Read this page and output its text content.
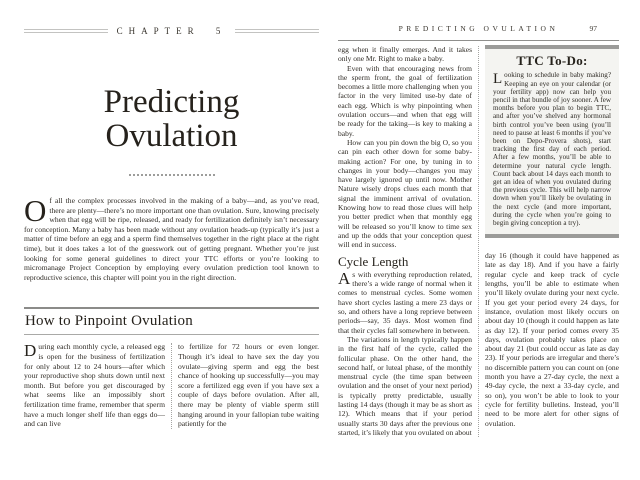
CHAPTER 5
Predicting
Ovulation

Of all the complex processes involved in the making of a baby—and, as you’ve read, there are plenty—there’s no more important one than ovulation. Sure, knowing precisely when that egg will be ripe, released, and ready for fertilization definitely isn’t necessary for conception. Many a baby has been made without any ovulation heads-up (typically it’s just a matter of time before an egg and a sperm find themselves together in the right place at the right time), but it does takes a lot of the guesswork out of getting pregnant. Whether you’re just looking for some general guidelines to direct your TTC efforts or you’re looking to micromanage Project Conception by employing every ovulation prediction tool known to reproductive science, this chapter will point you in the right direction.

How to Pinpoint Ovulation

During each monthly cycle, a released egg is open for the business of fertilization for only about 12 to 24 hours—after which your reproductive shop shuts down until next month. But before you get discouraged by what seems like an impossibly short fertilization time frame, remember that sperm have a much longer shelf life than eggs do—and can live

to fertilize for 72 hours or even longer. Though it’s ideal to have sex the day you ovulate—giving sperm and egg the best chance of hooking up successfully—you may score a fertilized egg even if you have sex a couple of days before ovulation. After all, there may be plenty of viable sperm still hanging around in your fallopian tube waiting patiently for the

PREDICTING OVULATION	97

egg when it finally emerges. And it takes only one Mr. Right to make a baby.

Even with that encouraging news from the sperm front, the goal of fertilization becomes a little more challenging when you factor in the very limited use-by date of each egg. Which is why pinpointing when ovulation occurs—and when that egg will be ready for the taking—is key to making a baby.

How can you pin down the big O, so you can pin each other down for some baby-making action? For one, by tuning in to changes in your body—changes you may have largely ignored up until now. Mother Nature wisely drops clues each month that signal the imminent arrival of ovulation. Knowing how to read those clues will help you better predict when that monthly egg will be released so you’ll know to time sex and up the odds that your conception quest will end in success.

Cycle Length

As with everything reproduction related, there’s a wide range of normal when it comes to menstrual cycles. Some women have short cycles lasting a mere 23 days or so, and others have a long reprieve between periods—say, 35 days. Most women find that their cycles fall somewhere in between.

The variations in length typically happen in the first half of the cycle, called the follicular phase. On the other hand, the second half, or luteal phase, of the monthly menstrual cycle (the time span between ovulation and the onset of your next period) is typically pretty predictable, usually lasting 14 days (though it may be as short as 12). Which means that if your period usually starts 30 days after the previous one started, it’s likely that you ovulated on about

TTC To-Do:

Looking to schedule in baby making? Keeping an eye on your calendar (or your fertility app) now can help you pencil in that bundle of joy sooner. A few months before you plan to begin TTC, and after you’ve shelved any hormonal birth control you’ve been using (you’ll need to pause at least 6 months if you’ve been on Depo-Provera shots), start tracking the first day of each period. After a few months, you’ll be able to determine your natural cycle length. Count back about 14 days each month to get an idea of when you ovulated during the previous cycle. This will help narrow down when you’ll likely be ovulating in the next cycle (and more important, during the cycle when you’re going to begin giving conception a try).

day 16 (though it could have happened as late as day 18). And if you have a fairly regular cycle and keep track of cycle lengths, you’ll be able to estimate when you’ll likely ovulate during your next cycle. If you get your period every 24 days, for instance, ovulation most likely occurs on about day 10 (though it could happen as late as day 12). If your period comes every 35 days, ovulation probably takes place on about day 21 (but could occur as late as day 23). If your periods are irregular and there’s no discernible pattern you can count on (one month you have a 27-day cycle, the next a 49-day cycle, the next a 33-day cycle, and so on), you won’t be able to look to your cycle for fertility bulletins. Instead, you’ll need to be more alert for other signs of ovulation.
